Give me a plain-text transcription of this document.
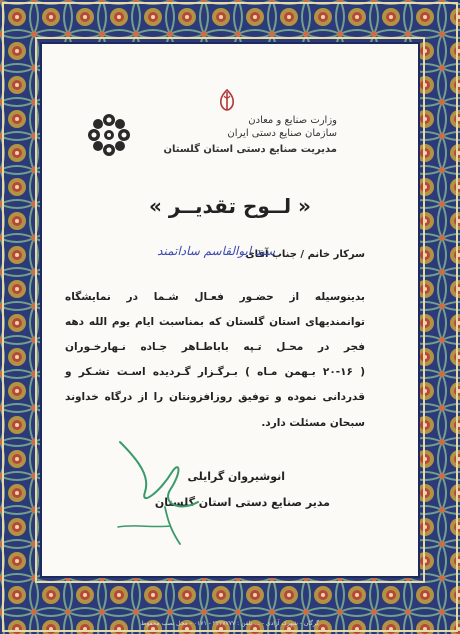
وزارت صنایع و معادن
سازمان صنایع دستی ایران
مدیریت صنایع دستی استان گلستان
« لــوح تقدیــر »
سرکار خانم / جناب آقای
سید ابوالقاسم ساداتمند
بدینوسیله از حضـور فعـال شـما در نمایشگاه
توانمندیهای استان گلستان که بمناسبت ایام یوم الله دهه
فجر در محـل تـپه باباطـاهر جـاده نـهارخـوران
( ۲۰-۱۶ بـهمن مـاه ) بـرگـزار گـردیده اسـت تشـکر و
قدردانی نموده و توفیق روزافزونتان را از درگاه خداوند
سبحان مسئلت دارد.
انوشیروان گرایلی
مدیر صنایع دستی استان گلستان
گرگان - شهرک آزادی - ... تلفن : ۲۲۲۷۷۷۷ - ۰۱۷۱ - محل نصب محفوظ
